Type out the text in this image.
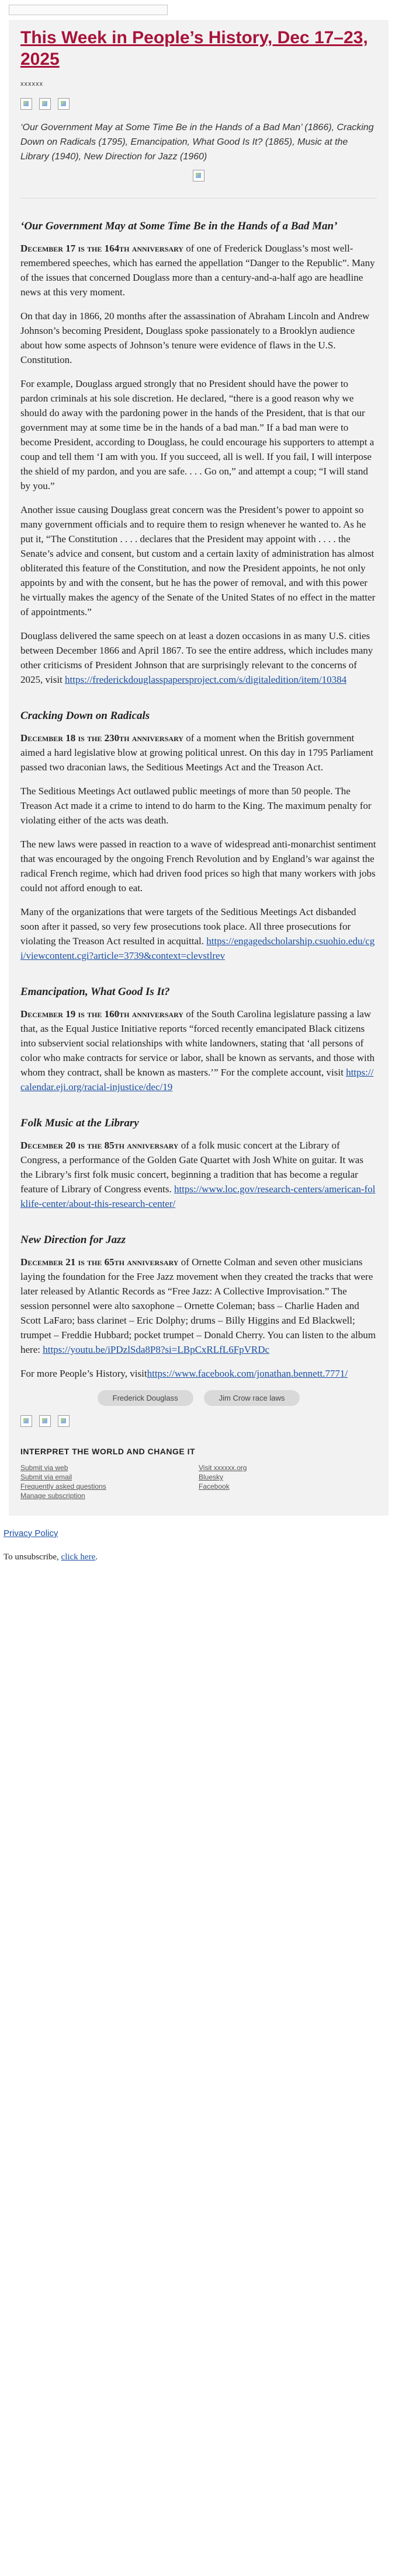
This Week in People’s History, Dec 17–23, 2025
xxxxxx

‘Our Government May at Some Time Be in the Hands of a Bad Man’ (1866), Cracking Down on Radicals (1795), Emancipation, What Good Is It? (1865), Music at the Library (1940), New Direction for Jazz (1960)

‘Our Government May at Some Time Be in the Hands of a Bad Man’

December 17 is the 164th anniversary of one of Frederick Douglass’s most well-remembered speeches, which has earned the appellation “Danger to the Republic”. Many of the issues that concerned Douglass more than a century-and-a-half ago are headline news at this very moment.

On that day in 1866, 20 months after the assassination of Abraham Lincoln and Andrew Johnson’s becoming President, Douglass spoke passionately to a Brooklyn audience about how some aspects of Johnson’s tenure were evidence of flaws in the U.S. Constitution.

For example, Douglass argued strongly that no President should have the power to pardon criminals at his sole discretion. He declared, “there is a good reason why we should do away with the pardoning power in the hands of the President, that is that our government may at some time be in the hands of a bad man.” If a bad man were to become President, according to Douglass, he could encourage his supporters to attempt a coup and tell them ‘I am with you. If you succeed, all is well. If you fail, I will interpose the shield of my pardon, and you are safe. . . . Go on,” and attempt a coup; “I will stand by you.”

Another issue causing Douglass great concern was the President’s power to appoint so many government officials and to require them to resign whenever he wanted to. As he put it, “The Constitution . . . . declares that the President may appoint with . . . . the Senate’s advice and consent, but custom and a certain laxity of administration has almost obliterated this feature of the Constitution, and now the President appoints, he not only appoints by and with the consent, but he has the power of removal, and with this power he virtually makes the agency of the Senate of the United States of no effect in the matter of appointments.”

Douglass delivered the same speech on at least a dozen occasions in as many U.S. cities between December 1866 and April 1867. To see the entire address, which includes many other criticisms of President Johnson that are surprisingly relevant to the concerns of 2025, visit https://frederickdouglasspapersproject.com/s/digitaledition/item/10384

Cracking Down on Radicals

December 18 is the 230th anniversary of a moment when the British government aimed a hard legislative blow at growing political unrest. On this day in 1795 Parliament passed two draconian laws, the Seditious Meetings Act and the Treason Act.

The Seditious Meetings Act outlawed public meetings of more than 50 people. The Treason Act made it a crime to intend to do harm to the King. The maximum penalty for violating either of the acts was death.

The new laws were passed in reaction to a wave of widespread anti-monarchist sentiment that was encouraged by the ongoing French Revolution and by England’s war against the radical French regime, which had driven food prices so high that many workers with jobs could not afford enough to eat.

Many of the organizations that were targets of the Seditious Meetings Act disbanded soon after it passed, so very few prosecutions took place. All three prosecutions for violating the Treason Act resulted in acquittal. https://engagedscholarship.csuohio.edu/cgi/viewcontent.cgi?article=3739&context=clevstlrev

Emancipation, What Good Is It?

December 19 is the 160th anniversary of the South Carolina legislature passing a law that, as the Equal Justice Initiative reports “forced recently emancipated Black citizens into subservient social relationships with white landowners, stating that ‘all persons of color who make contracts for service or labor, shall be known as servants, and those with whom they contract, shall be known as masters.’” For the complete account, visit https://calendar.eji.org/racial-injustice/dec/19

Folk Music at the Library

December 20 is the 85th anniversary of a folk music concert at the Library of Congress, a performance of the Golden Gate Quartet with Josh White on guitar. It was the Library’s first folk music concert, beginning a tradition that has become a regular feature of Library of Congress events. https://www.loc.gov/research-centers/american-folklife-center/about-this-research-center/

New Direction for Jazz

December 21 is the 65th anniversary of Ornette Colman and seven other musicians laying the foundation for the Free Jazz movement when they created the tracks that were later released by Atlantic Records as “Free Jazz: A Collective Improvisation.” The session personnel were alto saxophone – Ornette Coleman; bass – Charlie Haden and Scott LaFaro; bass clarinet – Eric Dolphy; drums – Billy Higgins and Ed Blackwell; trumpet – Freddie Hubbard; pocket trumpet – Donald Cherry. You can listen to the album here: https://youtu.be/iPDzlSda8P8?si=LBpCxRLfL6FpVRDc

For more People’s History, visithttps://www.facebook.com/jonathan.bennett.7771/

Frederick Douglass	Jim Crow race laws
INTERPRET THE WORLD AND CHANGE IT
Submit via web
Submit via email
Frequently asked questions
Manage subscription
Visit xxxxxx.org
Bluesky
Facebook

Privacy Policy

To unsubscribe, click here.
